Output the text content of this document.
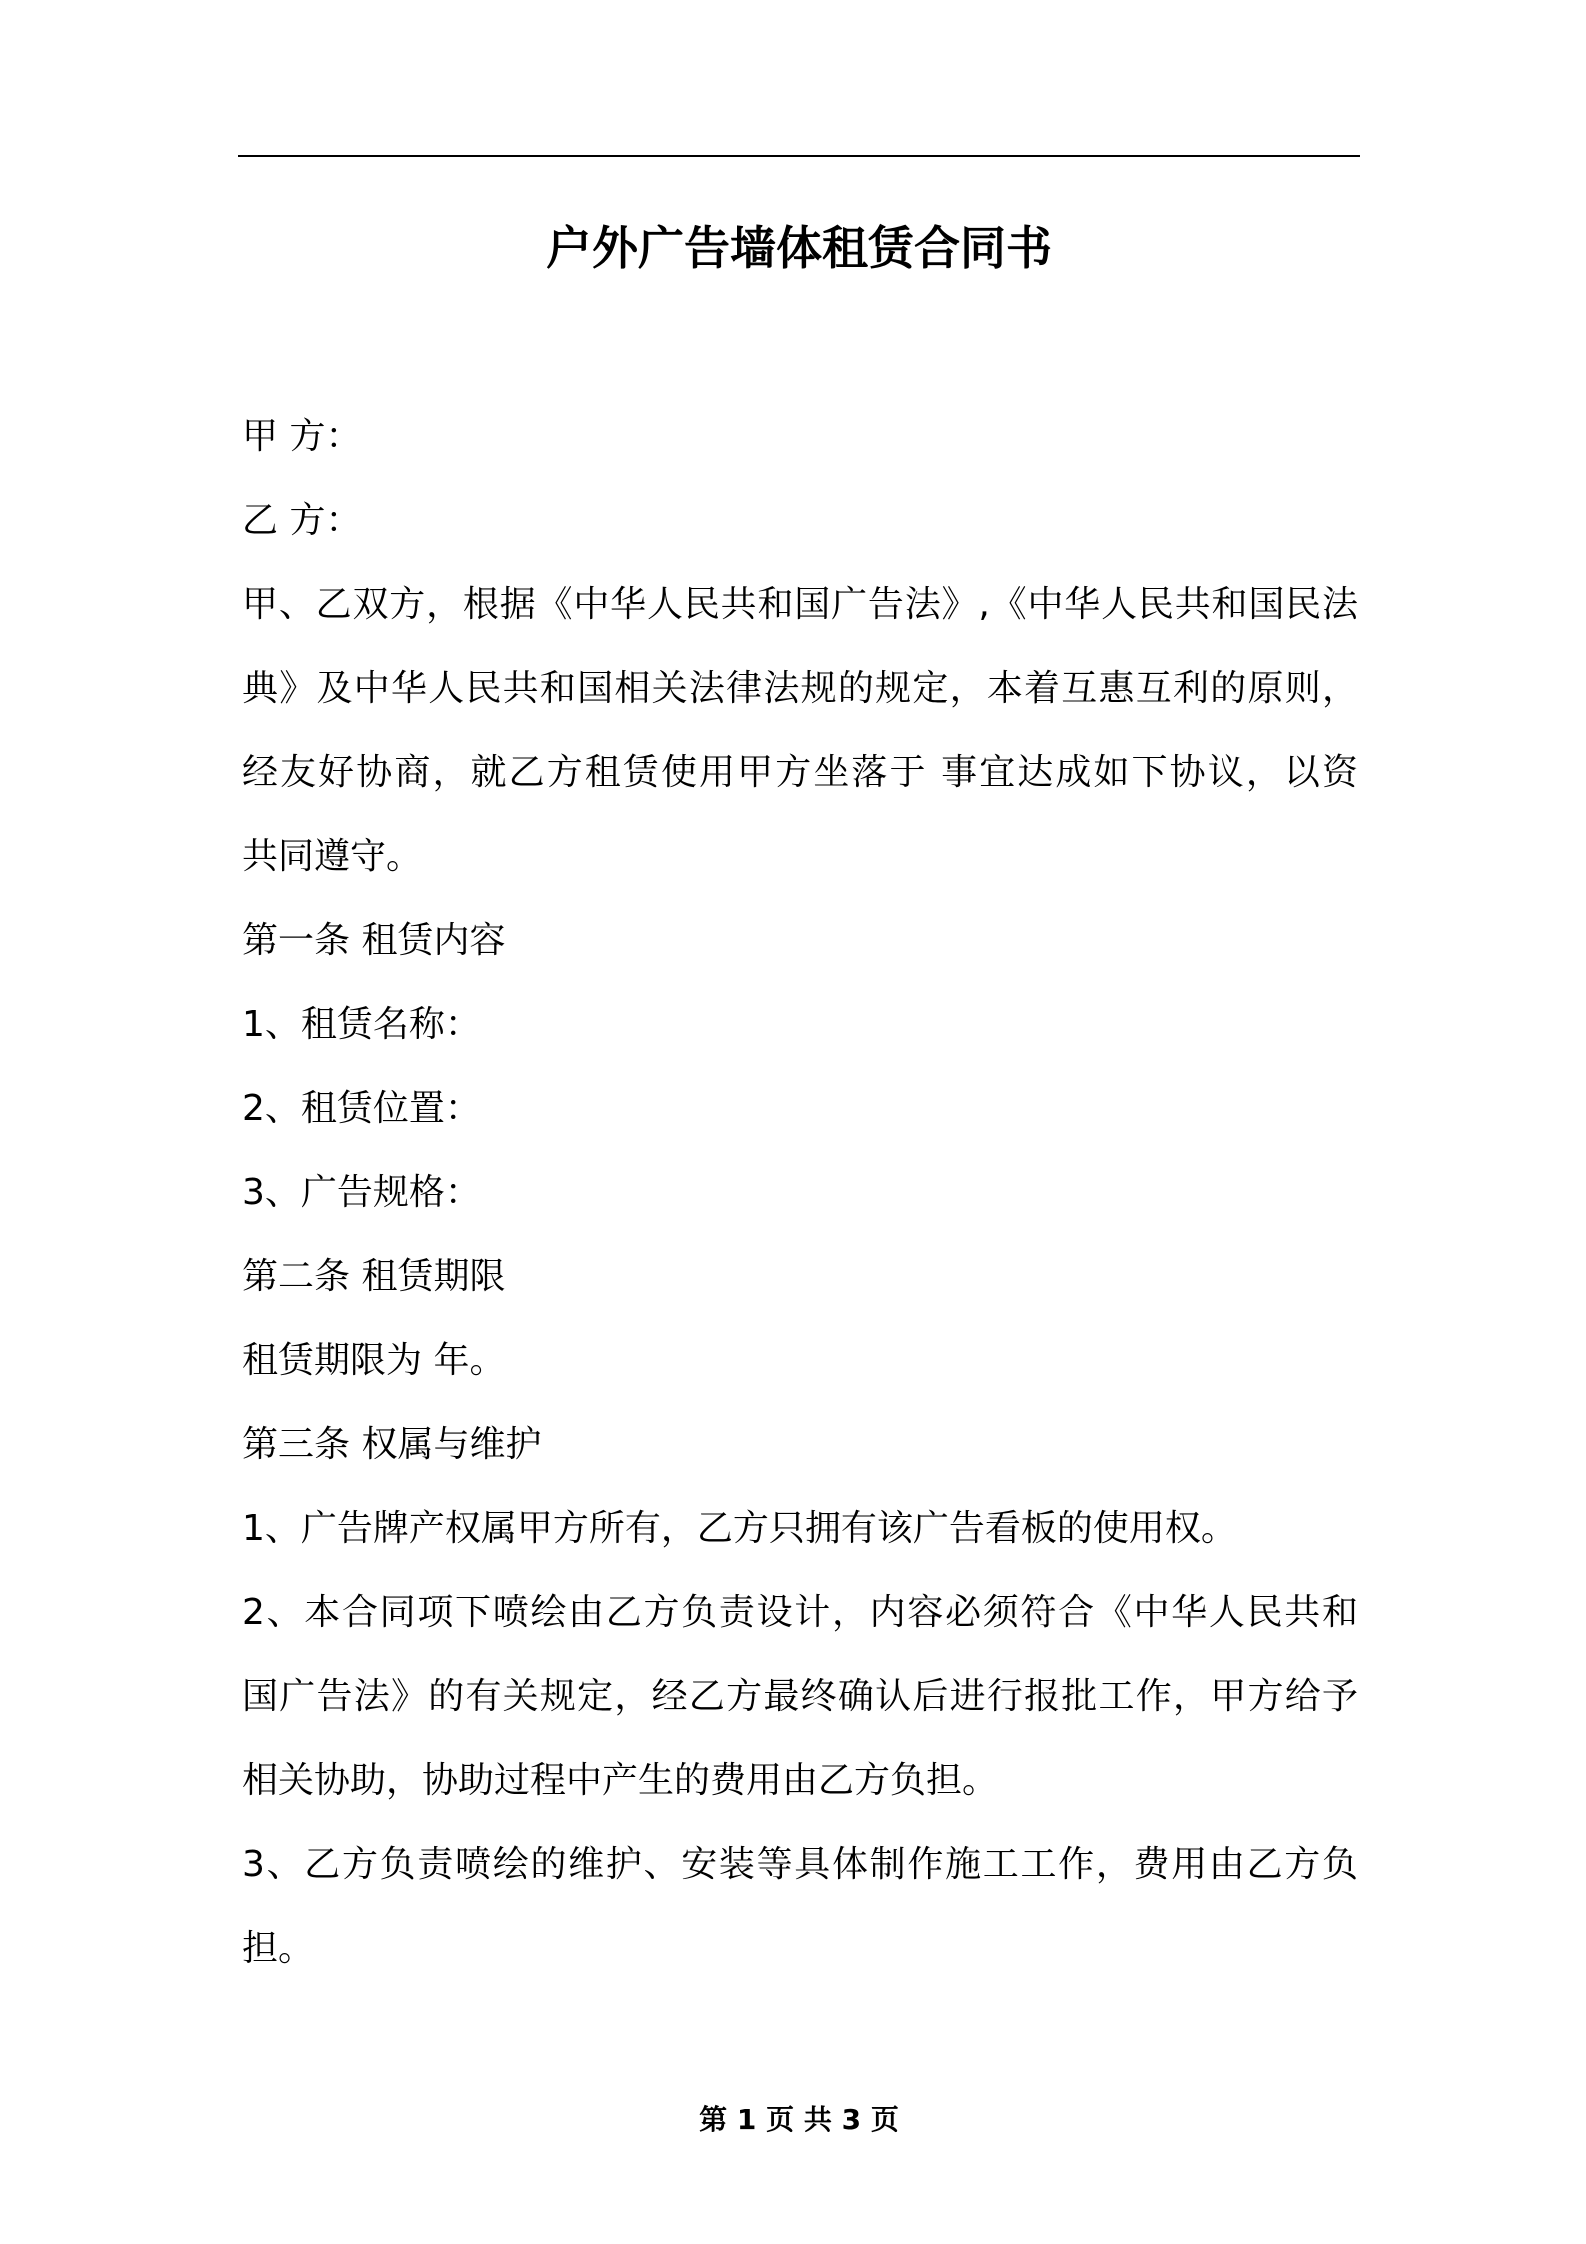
户外广告墙体租赁合同书
甲 方：
乙 方：
甲、乙双方，根据《中华人民共和国广告法》,《中华人民共和国民法
典》及中华人民共和国相关法律法规的规定，本着互惠互利的原则，
经友好协商，就乙方租赁使用甲方坐落于 事宜达成如下协议，以资
共同遵守。
第一条 租赁内容
1、租赁名称：
2、租赁位置：
3、广告规格：
第二条 租赁期限
租赁期限为 年。
第三条 权属与维护
1、广告牌产权属甲方所有，乙方只拥有该广告看板的使用权。
2、本合同项下喷绘由乙方负责设计，内容必须符合《中华人民共和
国广告法》的有关规定，经乙方最终确认后进行报批工作，甲方给予
相关协助，协助过程中产生的费用由乙方负担。
3、乙方负责喷绘的维护、安装等具体制作施工工作，费用由乙方负
担。
第 1 页 共 3 页
